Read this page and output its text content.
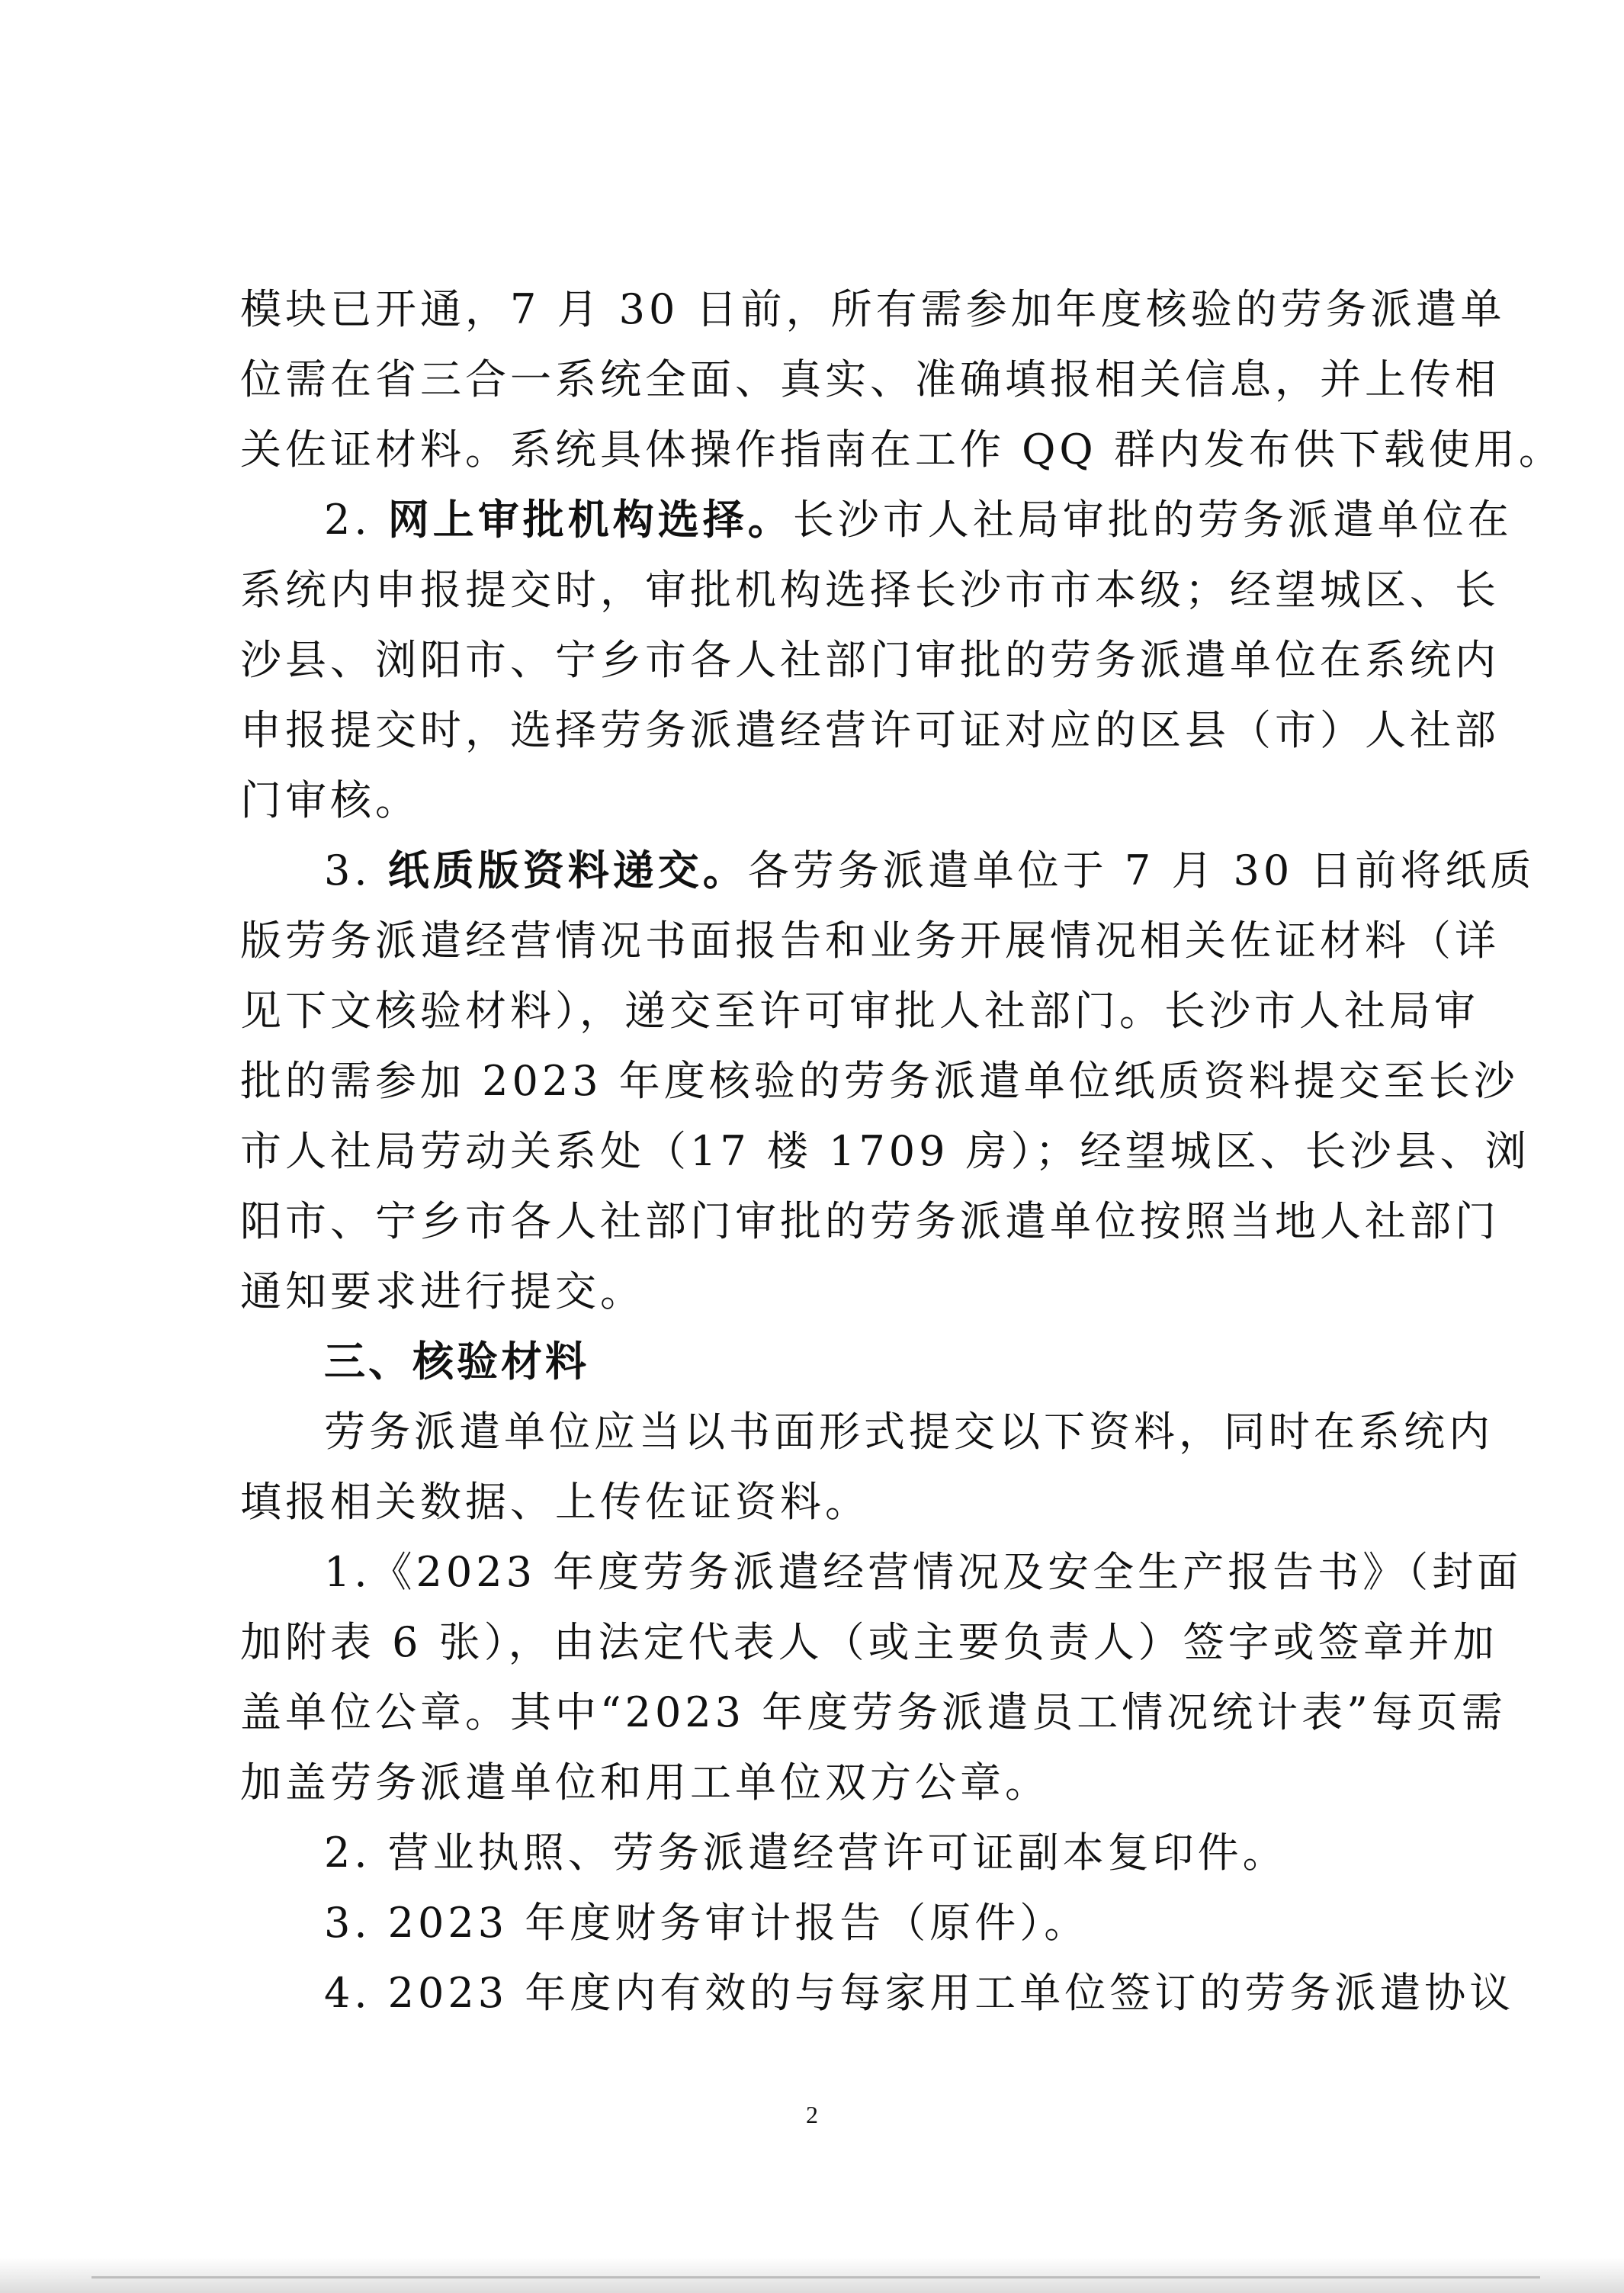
模块已开通，7 月 30 日前，所有需参加年度核验的劳务派遣单
位需在省三合一系统全面、真实、准确填报相关信息，并上传相
关佐证材料。系统具体操作指南在工作 QQ 群内发布供下载使用。
2. 网上审批机构选择。长沙市人社局审批的劳务派遣单位在
系统内申报提交时，审批机构选择长沙市市本级；经望城区、长
沙县、浏阳市、宁乡市各人社部门审批的劳务派遣单位在系统内
申报提交时，选择劳务派遣经营许可证对应的区县（市）人社部
门审核。
3. 纸质版资料递交。各劳务派遣单位于 7 月 30 日前将纸质
版劳务派遣经营情况书面报告和业务开展情况相关佐证材料（详
见下文核验材料），递交至许可审批人社部门。长沙市人社局审
批的需参加 2023 年度核验的劳务派遣单位纸质资料提交至长沙
市人社局劳动关系处（17 楼 1709 房）；经望城区、长沙县、浏
阳市、宁乡市各人社部门审批的劳务派遣单位按照当地人社部门
通知要求进行提交。
三、核验材料
劳务派遣单位应当以书面形式提交以下资料，同时在系统内
填报相关数据、上传佐证资料。
1.《2023 年度劳务派遣经营情况及安全生产报告书》（封面
加附表 6 张），由法定代表人（或主要负责人）签字或签章并加
盖单位公章。其中“2023 年度劳务派遣员工情况统计表”每页需
加盖劳务派遣单位和用工单位双方公章。
2. 营业执照、劳务派遣经营许可证副本复印件。
3. 2023 年度财务审计报告（原件）。
4. 2023 年度内有效的与每家用工单位签订的劳务派遣协议
2
